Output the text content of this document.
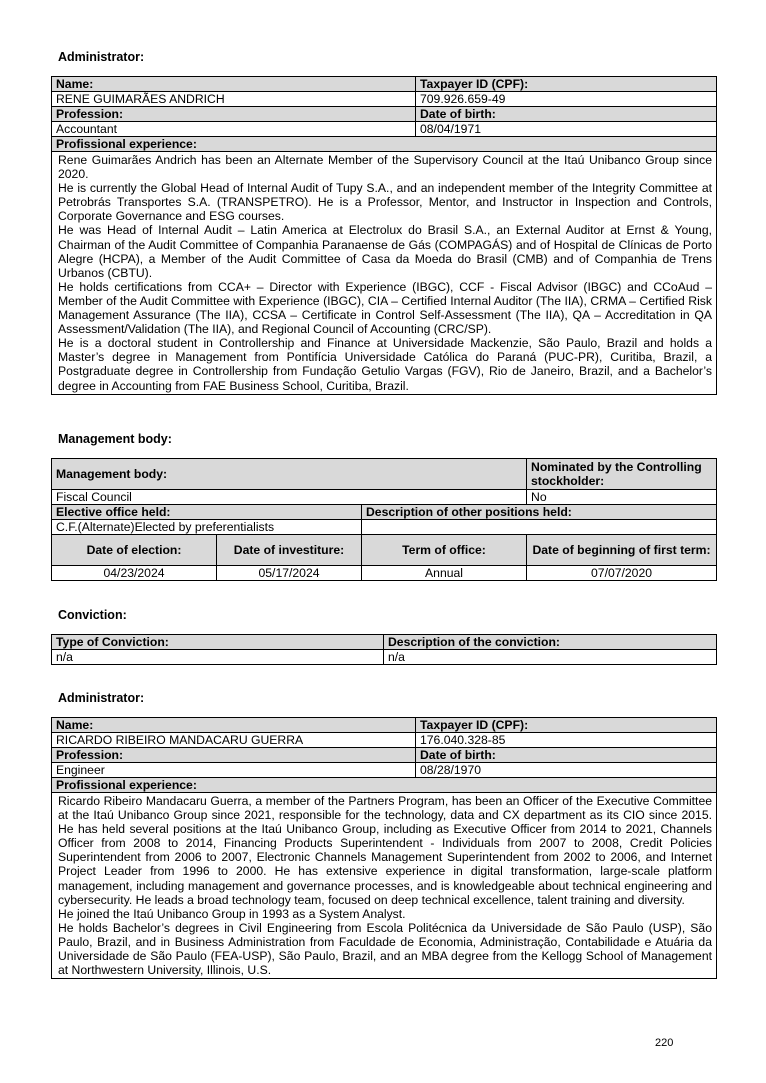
Administrator:

Name:	Taxpayer ID (CPF):
RENE GUIMARÃES ANDRICH	709.926.659-49
Profession:	Date of birth:
Accountant	08/04/1971
Profissional experience:	

Rene Guimarães Andrich has been an Alternate Member of the Supervisory Council at the Itaú Unibanco Group since 2020.

He is currently the Global Head of Internal Audit of Tupy S.A., and an independent member of the Integrity Committee at Petrobrás Transportes S.A. (TRANSPETRO). He is a Professor, Mentor, and Instructor in Inspection and Controls, Corporate Governance and ESG courses.

He was Head of Internal Audit – Latin America at Electrolux do Brasil S.A., an External Auditor at Ernst & Young, Chairman of the Audit Committee of Companhia Paranaense de Gás (COMPAGÁS) and of Hospital de Clínicas de Porto Alegre (HCPA), a Member of the Audit Committee of Casa da Moeda do Brasil (CMB) and of Companhia de Trens Urbanos (CBTU).

He holds certifications from CCA+ – Director with Experience (IBGC), CCF - Fiscal Advisor (IBGC) and CCoAud – Member of the Audit Committee with Experience (IBGC), CIA – Certified Internal Auditor (The IIA), CRMA – Certified Risk Management Assurance (The IIA), CCSA – Certificate in Control Self-Assessment (The IIA), QA – Accreditation in QA Assessment/Validation (The IIA), and Regional Council of Accounting (CRC/SP).

He is a doctoral student in Controllership and Finance at Universidade Mackenzie, São Paulo, Brazil and holds a Master’s degree in Management from Pontifícia Universidade Católica do Paraná (PUC-PR), Curitiba, Brazil, a Postgraduate degree in Controllership from Fundação Getulio Vargas (FGV), Rio de Janeiro, Brazil, and a Bachelor’s degree in Accounting from FAE Business School, Curitiba, Brazil.	

Management body:

Management body:			Nominated by the Controlling stockholder:
Fiscal Council			No
Elective office held:		Description of other positions held:	
C.F.(Alternate)Elected by preferentialists			
Date of election:	Date of investiture:	Term of office:	Date of beginning of first term:
04/23/2024	05/17/2024	Annual	07/07/2020

Conviction:

Type of Conviction:	Description of the conviction:
n/a	n/a

Administrator:

Name:	Taxpayer ID (CPF):
RICARDO RIBEIRO MANDACARU GUERRA	176.040.328-85
Profession:	Date of birth:
Engineer	08/28/1970
Profissional experience:	

Ricardo Ribeiro Mandacaru Guerra, a member of the Partners Program, has been an Officer of the Executive Committee at the Itaú Unibanco Group since 2021, responsible for the technology, data and CX department as its CIO since 2015. He has held several positions at the Itaú Unibanco Group, including as Executive Officer from 2014 to 2021, Channels Officer from 2008 to 2014, Financing Products Superintendent - Individuals from 2007 to 2008, Credit Policies Superintendent from 2006 to 2007, Electronic Channels Management Superintendent from 2002 to 2006, and Internet Project Leader from 1996 to 2000. He has extensive experience in digital transformation, large-scale platform management, including management and governance processes, and is knowledgeable about technical engineering and cybersecurity. He leads a broad technology team, focused on deep technical excellence, talent training and diversity.

He joined the Itaú Unibanco Group in 1993 as a System Analyst.

He holds Bachelor’s degrees in Civil Engineering from Escola Politécnica da Universidade de São Paulo (USP), São Paulo, Brazil, and in Business Administration from Faculdade de Economia, Administração, Contabilidade e Atuária da Universidade de São Paulo (FEA-USP), São Paulo, Brazil, and an MBA degree from the Kellogg School of Management at Northwestern University, Illinois, U.S.	

220
